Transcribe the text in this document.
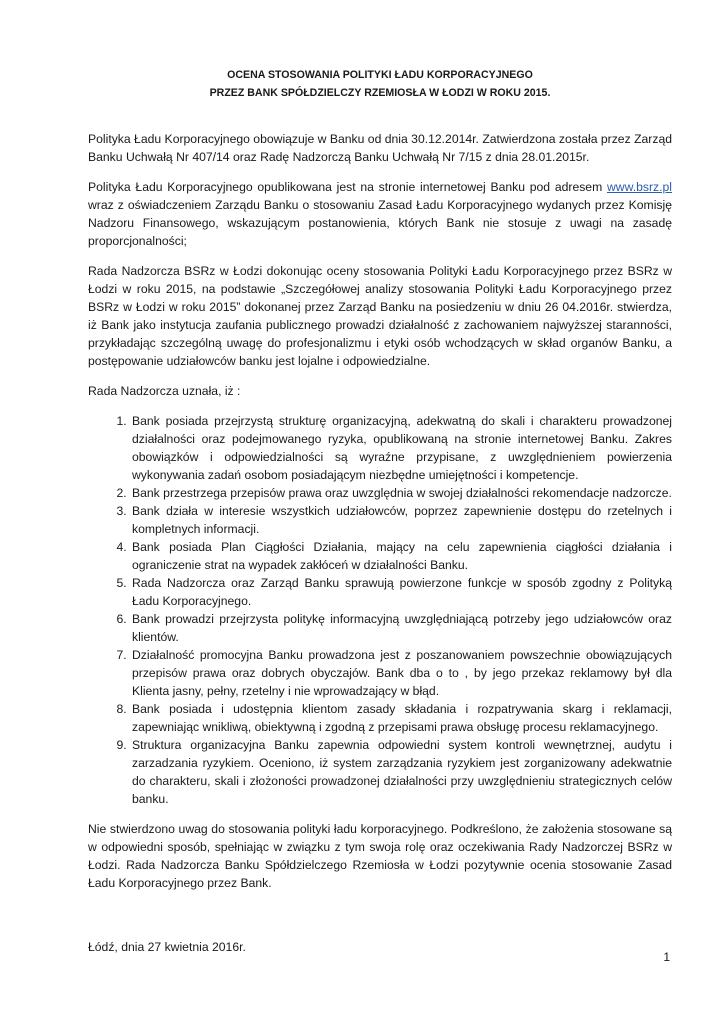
OCENA STOSOWANIA POLITYKI ŁADU KORPORACYJNEGO

PRZEZ BANK SPÓŁDZIELCZY RZEMIOSŁA W ŁODZI W ROKU 2015.

Polityka Ładu Korporacyjnego obowiązuje w Banku od dnia 30.12.2014r. Zatwierdzona została przez Zarząd Banku Uchwałą Nr 407/14 oraz Radę Nadzorczą Banku Uchwałą Nr 7/15 z dnia 28.01.2015r.

Polityka Ładu Korporacyjnego opublikowana jest na stronie internetowej Banku pod adresem www.bsrz.pl wraz z oświadczeniem Zarządu Banku o stosowaniu Zasad Ładu Korporacyjnego wydanych przez Komisję Nadzoru Finansowego, wskazującym postanowienia, których Bank nie stosuje z uwagi na zasadę proporcjonalności;

Rada Nadzorcza BSRz w Łodzi dokonując oceny stosowania Polityki Ładu Korporacyjnego przez BSRz w Łodzi w roku 2015, na podstawie „Szczegółowej analizy stosowania Polityki Ładu Korporacyjnego przez BSRz w Łodzi w roku 2015” dokonanej przez Zarząd Banku na posiedzeniu w dniu 26 04.2016r. stwierdza, iż Bank jako instytucja zaufania publicznego prowadzi działalność z zachowaniem najwyższej staranności, przykładając szczególną uwagę do profesjonalizmu i etyki osób wchodzących w skład organów Banku, a postępowanie udziałowców banku jest lojalne i odpowiedzialne.

Rada Nadzorcza uznała, iż :

1. Bank posiada przejrzystą strukturę organizacyjną, adekwatną do skali i charakteru prowadzonej działalności oraz podejmowanego ryzyka, opublikowaną na stronie internetowej Banku. Zakres obowiązków i odpowiedzialności są wyraźne przypisane, z uwzględnieniem powierzenia wykonywania zadań osobom posiadającym niezbędne umiejętności i kompetencje.
2. Bank przestrzega przepisów prawa oraz uwzględnia w swojej działalności rekomendacje nadzorcze.
3. Bank działa w interesie wszystkich udziałowców, poprzez zapewnienie dostępu do rzetelnych i kompletnych informacji.
4. Bank posiada Plan Ciągłości Działania, mający na celu zapewnienia ciągłości działania i ograniczenie strat na wypadek zakłóceń w działalności Banku.
5. Rada Nadzorcza oraz Zarząd Banku sprawują powierzone funkcje w sposób zgodny z Polityką Ładu Korporacyjnego.
6. Bank prowadzi przejrzysta politykę informacyjną uwzględniającą potrzeby jego udziałowców oraz klientów.
7. Działalność promocyjna Banku prowadzona jest z poszanowaniem powszechnie obowiązujących przepisów prawa oraz dobrych obyczajów. Bank dba o to , by jego przekaz reklamowy był dla Klienta jasny, pełny, rzetelny i nie wprowadzający w błąd.
8. Bank posiada i udostępnia klientom zasady składania i rozpatrywania skarg i reklamacji, zapewniając wnikliwą, obiektywną i zgodną z przepisami prawa obsługę procesu reklamacyjnego.
9. Struktura organizacyjna Banku zapewnia odpowiedni system kontroli wewnętrznej, audytu i zarzadzania ryzykiem. Oceniono, iż system zarządzania ryzykiem jest zorganizowany adekwatnie do charakteru, skali i złożoności prowadzonej działalności przy uwzględnieniu strategicznych celów banku.

Nie stwierdzono uwag do stosowania polityki ładu korporacyjnego. Podkreślono, że założenia stosowane są w odpowiedni sposób, spełniając w związku z tym swoja rolę oraz oczekiwania Rady Nadzorczej BSRz w Łodzi. Rada Nadzorcza Banku Spółdzielczego Rzemiosła w Łodzi pozytywnie ocenia stosowanie Zasad Ładu Korporacyjnego przez Bank.

Łódź, dnia 27 kwietnia 2016r.

1
